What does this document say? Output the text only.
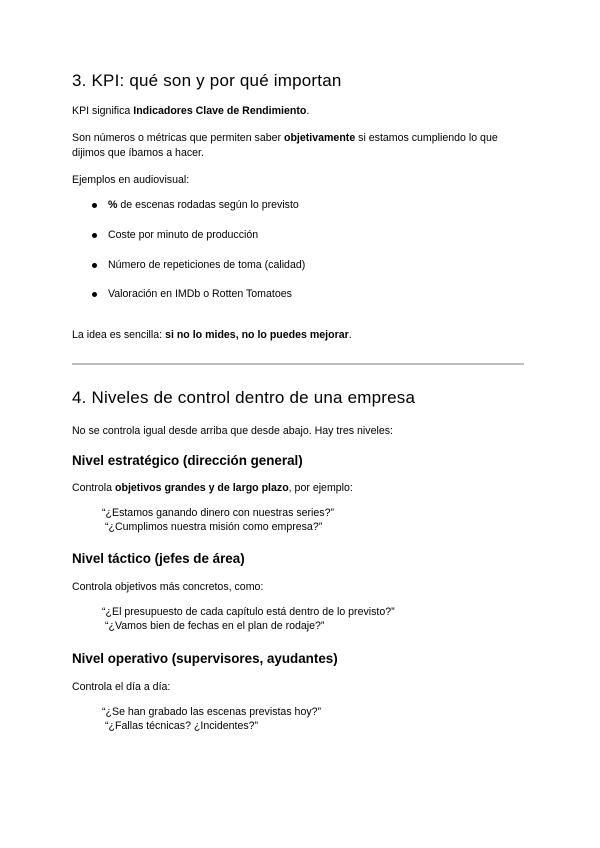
3. KPI: qué son y por qué importan
KPI significa Indicadores Clave de Rendimiento.
Son números o métricas que permiten saber objetivamente si estamos cumpliendo lo que
dijimos que íbamos a hacer.
Ejemplos en audiovisual:
% de escenas rodadas según lo previsto
Coste por minuto de producción
Número de repeticiones de toma (calidad)
Valoración en IMDb o Rotten Tomatoes
La idea es sencilla: si no lo mides, no lo puedes mejorar.
4. Niveles de control dentro de una empresa
No se controla igual desde arriba que desde abajo. Hay tres niveles:
Nivel estratégico (dirección general)
Controla objetivos grandes y de largo plazo, por ejemplo:
“¿Estamos ganando dinero con nuestras series?”
“¿Cumplimos nuestra misión como empresa?”
Nivel táctico (jefes de área)
Controla objetivos más concretos, como:
“¿El presupuesto de cada capítulo está dentro de lo previsto?”
“¿Vamos bien de fechas en el plan de rodaje?”
Nivel operativo (supervisores, ayudantes)
Controla el día a día:
“¿Se han grabado las escenas previstas hoy?”
“¿Fallas técnicas? ¿Incidentes?”
